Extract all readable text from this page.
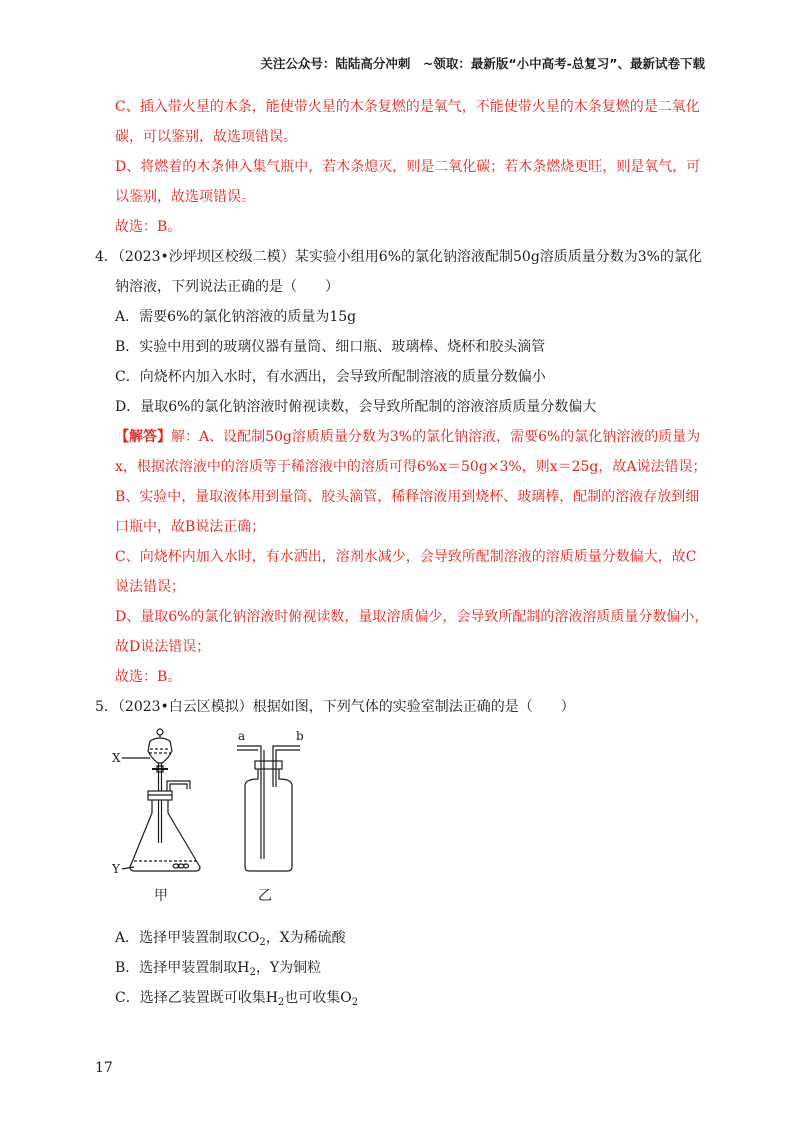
关注公众号：陆陆高分冲刺　~领取：最新版“小中高考-总复习”、最新试卷下载
C、插入带火星的木条，能使带火星的木条复燃的是氧气，不能使带火星的木条复燃的是二氧化
碳，可以鉴别，故选项错误。
D、将燃着的木条伸入集气瓶中，若木条熄灭，则是二氧化碳；若木条燃烧更旺，则是氧气，可
以鉴别，故选项错误。
故选：B。
4．（2023•沙坪坝区校级二模）某实验小组用6%的氯化钠溶液配制50g溶质质量分数为3%的氯化
钠溶液，下列说法正确的是（　　）
A．需要6%的氯化钠溶液的质量为15g
B．实验中用到的玻璃仪器有量筒、细口瓶、玻璃棒、烧杯和胶头滴管
C．向烧杯内加入水时，有水洒出，会导致所配制溶液的质量分数偏小
D．量取6%的氯化钠溶液时俯视读数，会导致所配制的溶液溶质质量分数偏大
【解答】解：A、设配制50g溶质质量分数为3%的氯化钠溶液，需要6%的氯化钠溶液的质量为
x，根据浓溶液中的溶质等于稀溶液中的溶质可得6%x＝50g×3%，则x＝25g，故A说法错误；
B、实验中，量取液体用到量筒、胶头滴管，稀释溶液用到烧杯、玻璃棒，配制的溶液存放到细
口瓶中，故B说法正确；
C、向烧杯内加入水时，有水洒出，溶剂水减少，会导致所配制溶液的溶质质量分数偏大，故C
说法错误；
D、量取6%的氯化钠溶液时俯视读数，量取溶质偏少，会导致所配制的溶液溶质质量分数偏小，
故D说法错误；
故选：B。
5．（2023•白云区模拟）根据如图，下列气体的实验室制法正确的是（　　）
X
Y
甲
a	b
乙
A．选择甲装置制取$CO_2$，X为稀硫酸
B．选择甲装置制取$H_2$，Y为铜粒
C．选择乙装置既可收集$H_2$也可收集$O_2$
17
